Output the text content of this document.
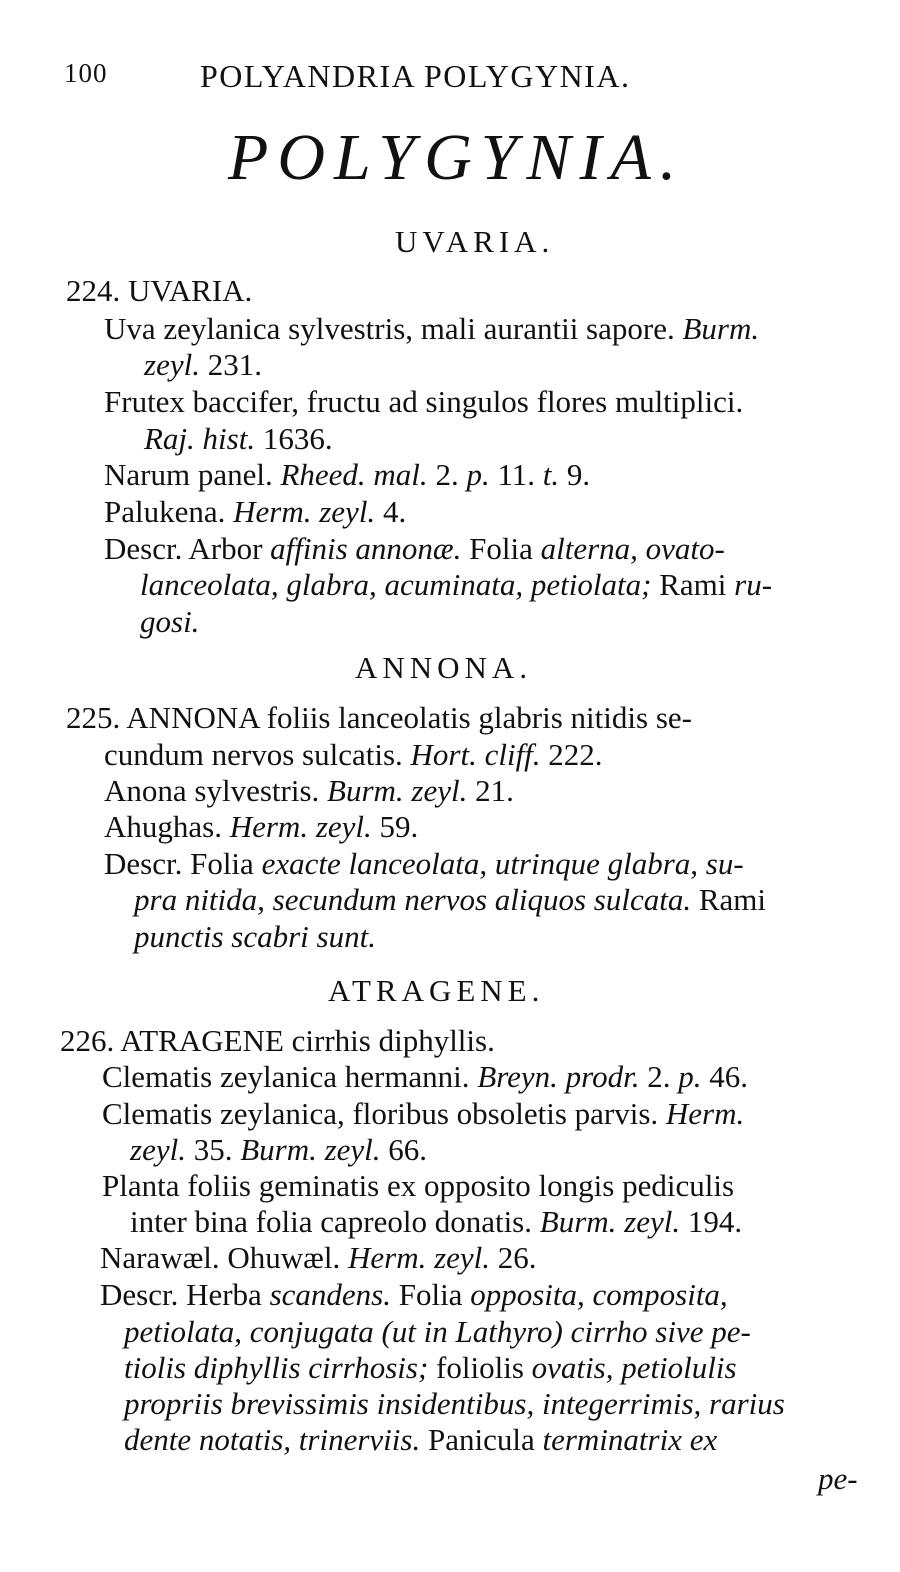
100	POLYANDRIA POLYGYNIA.
POLYGYNIA.
UVARIA.
224. UVARIA.
Uva zeylanica sylvestris, mali aurantii sapore. Burm.
zeyl. 231.
Frutex baccifer, fructu ad singulos flores multiplici.
Raj. hist. 1636.
Narum panel. Rheed. mal. 2. p. 11. t. 9.
Palukena. Herm. zeyl. 4.
Descr. Arbor affinis annonæ. Folia alterna, ovato-
lanceolata, glabra, acuminata, petiolata; Rami ru-
gosi.
ANNONA.
225. ANNONA foliis lanceolatis glabris nitidis se-
cundum nervos sulcatis. Hort. cliff. 222.
Anona sylvestris. Burm. zeyl. 21.
Ahughas. Herm. zeyl. 59.
Descr. Folia exacte lanceolata, utrinque glabra, su-
pra nitida, secundum nervos aliquos sulcata. Rami
punctis scabri sunt.
ATRAGENE.
226. ATRAGENE cirrhis diphyllis.
Clematis zeylanica hermanni. Breyn. prodr. 2. p. 46.
Clematis zeylanica, floribus obsoletis parvis. Herm.
zeyl. 35. Burm. zeyl. 66.
Planta foliis geminatis ex opposito longis pediculis
inter bina folia capreolo donatis. Burm. zeyl. 194.
Narawæl. Ohuwæl. Herm. zeyl. 26.
Descr. Herba scandens. Folia opposita, composita,
petiolata, conjugata (ut in Lathyro) cirrho sive pe-
tiolis diphyllis cirrhosis; foliolis ovatis, petiolulis
propriis brevissimis insidentibus, integerrimis, rarius
dente notatis, trinerviis. Panicula terminatrix ex
pe-
